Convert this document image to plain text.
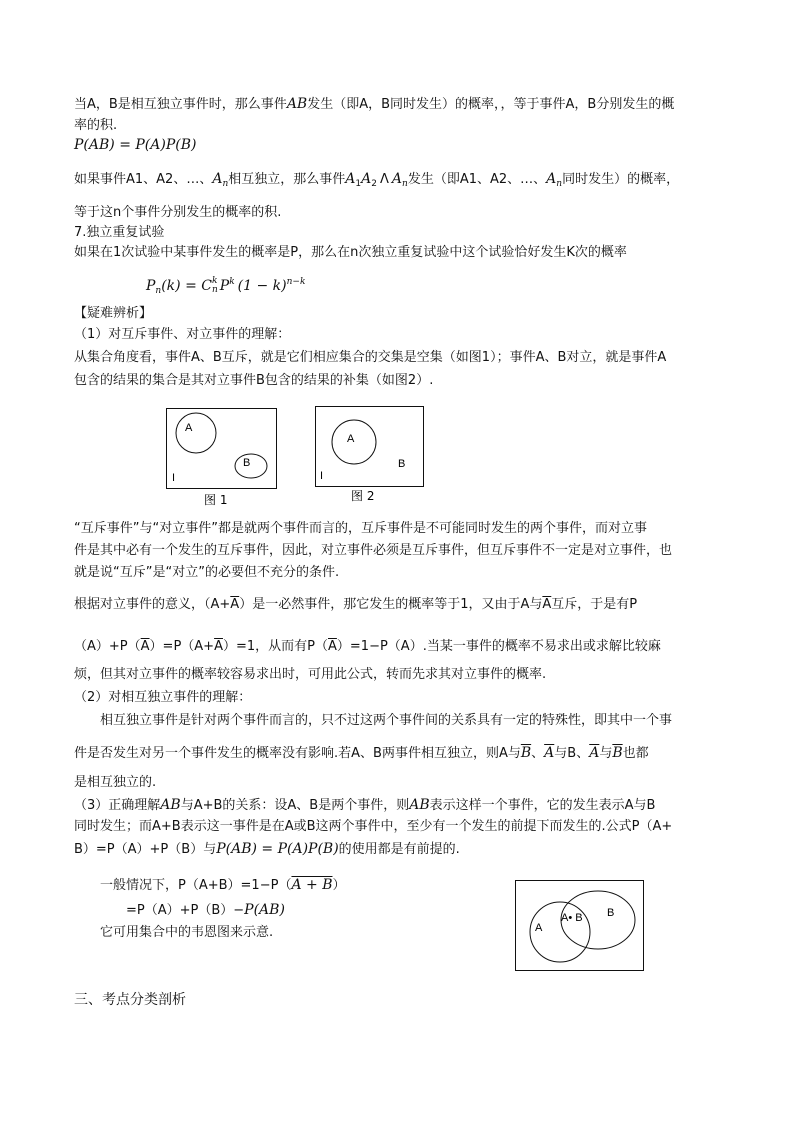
当A，B是相互独立事件时，那么事件AB发生（即A，B同时发生）的概率，，等于事件A，B分别发生的概
率的积.
P(AB) = P(A)P(B)
如果事件A1、A2、…、$A_n$相互独立，那么事件$A_1A_2$ Λ $A_n$发生（即A1、A2、…、$A_n$同时发生）的概率，
等于这n个事件分别发生的概率的积.
7.独立重复试验
如果在1次试验中某事件发生的概率是P，那么在n次独立重复试验中这个试验恰好发生K次的概率
$P_n(k) = Ck$
n $P^k$ $(1 - k)^{n-k}$
【疑难辨析】
（1）对互斥事件、对立事件的理解：
从集合角度看，事件A、B互斥，就是它们相应集合的交集是空集（如图1）；事件A、B对立，就是事件A
包含的结果的集合是其对立事件B包含的结果的补集（如图2）.
A
B
I
图 1
A
B
I
图 2
“互斥事件”与“对立事件”都是就两个事件而言的，互斥事件是不可能同时发生的两个事件，而对立事
件是其中必有一个发生的互斥事件，因此，对立事件必须是互斥事件，但互斥事件不一定是对立事件，也
就是说“互斥”是“对立”的必要但不充分的条件.
根据对立事件的意义，$(A+\overline{A})$是一必然事件，那它发生的概率等于1，又由于A与$\overline{A}$互斥，于是有P
$(A)+P(\overline{A})=P(A+\overline{A})=1$，从而有$P(\overline{A})=1-P(A)$.当某一事件的概率不易求出或求解比较麻
烦，但其对立事件的概率较容易求出时，可用此公式，转而先求其对立事件的概率.
（2）对相互独立事件的理解：
相互独立事件是针对两个事件而言的，只不过这两个事件间的关系具有一定的特殊性，即其中一个事
件是否发生对另一个事件发生的概率没有影响.若A、B两事件相互独立，则A与$\overline{B}$、$\overline{A}$与B、$\overline{A}$与$\overline{B}$也都
是相互独立的.
（3）正确理解AB与A+B的关系：设A、B是两个事件，则AB表示这样一个事件，它的发生表示A与B
同时发生；而A+B表示这一事件是在A或B这两个事件中，至少有一个发生的前提下而发生的.公式P（A+
B）=P（A）+P（B）与P(AB) = P(A)P(B)的使用都是有前提的.
一般情况下，P（A+B）=1−P（A + B）
=P（A）+P（B）−P(AB)
它可用集合中的韦恩图来示意.	A
A• B B
三、考点分类剖析
